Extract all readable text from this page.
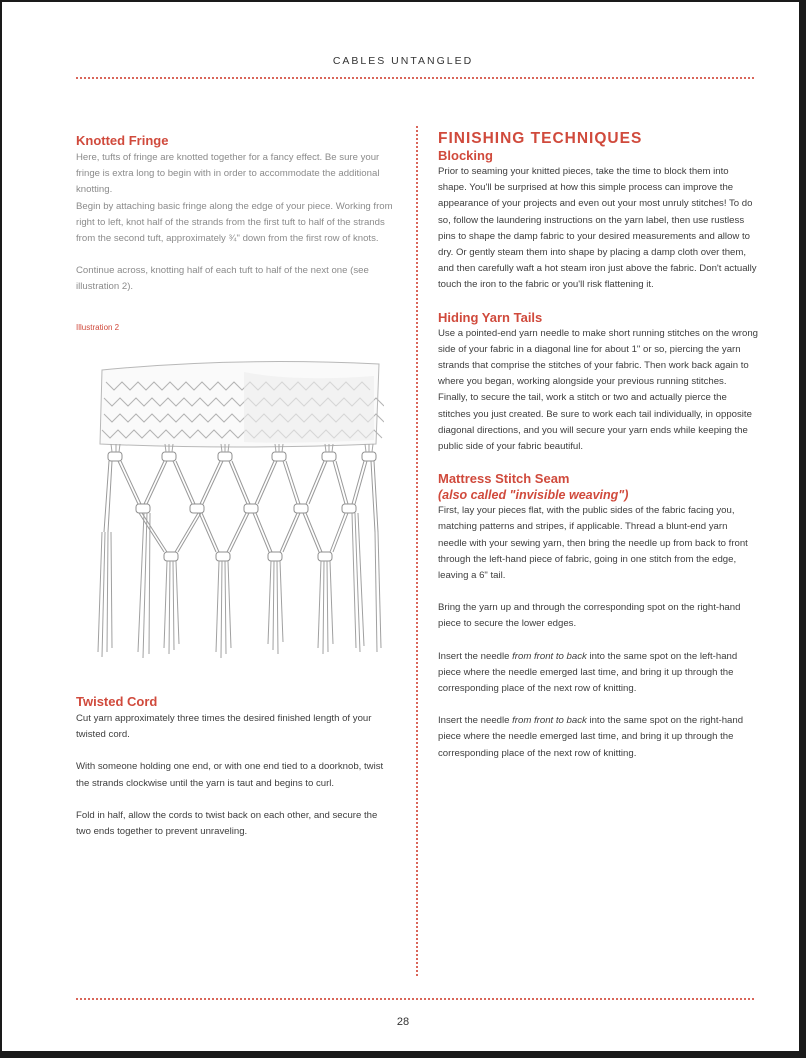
CABLES UNTANGLED
Knotted Fringe

Here, tufts of fringe are knotted together for a fancy effect. Be sure your fringe is extra long to begin with in order to accommodate the additional knotting.

Begin by attaching basic fringe along the edge of your piece. Working from right to left, knot half of the strands from the first tuft to half of the strands from the second tuft, approximately ¾" down from the first row of knots.

Continue across, knotting half of each tuft to half of the next one (see illustration 2).

Illustration 2
Twisted Cord

Cut yarn approximately three times the desired finished length of your twisted cord.

With someone holding one end, or with one end tied to a doorknob, twist the strands clockwise until the yarn is taut and begins to curl.

Fold in half, allow the cords to twist back on each other, and secure the two ends together to prevent unraveling.

FINISHING TECHNIQUES
Blocking

Prior to seaming your knitted pieces, take the time to block them into shape. You'll be surprised at how this simple process can improve the appearance of your projects and even out your most unruly stitches! To do so, follow the laundering instructions on the yarn label, then use rustless pins to shape the damp fabric to your desired measurements and allow to dry. Or gently steam them into shape by placing a damp cloth over them, and then carefully waft a hot steam iron just above the fabric. Don't actually touch the iron to the fabric or you'll risk flattening it.

Hiding Yarn Tails

Use a pointed-end yarn needle to make short running stitches on the wrong side of your fabric in a diagonal line for about 1" or so, piercing the yarn strands that comprise the stitches of your fabric. Then work back again to where you began, working alongside your previous running stitches. Finally, to secure the tail, work a stitch or two and actually pierce the stitches you just created. Be sure to work each tail individually, in opposite diagonal directions, and you will secure your yarn ends while keeping the public side of your fabric beautiful.

Mattress Stitch Seam
(also called "invisible weaving")

First, lay your pieces flat, with the public sides of the fabric facing you, matching patterns and stripes, if applicable. Thread a blunt-end yarn needle with your sewing yarn, then bring the needle up from back to front through the left-hand piece of fabric, going in one stitch from the edge, leaving a 6" tail.

Bring the yarn up and through the corresponding spot on the right-hand piece to secure the lower edges.

Insert the needle from front to back into the same spot on the left-hand piece where the needle emerged last time, and bring it up through the corresponding place of the next row of knitting.

Insert the needle from front to back into the same spot on the right-hand piece where the needle emerged last time, and bring it up through the corresponding place of the next row of knitting.

28
